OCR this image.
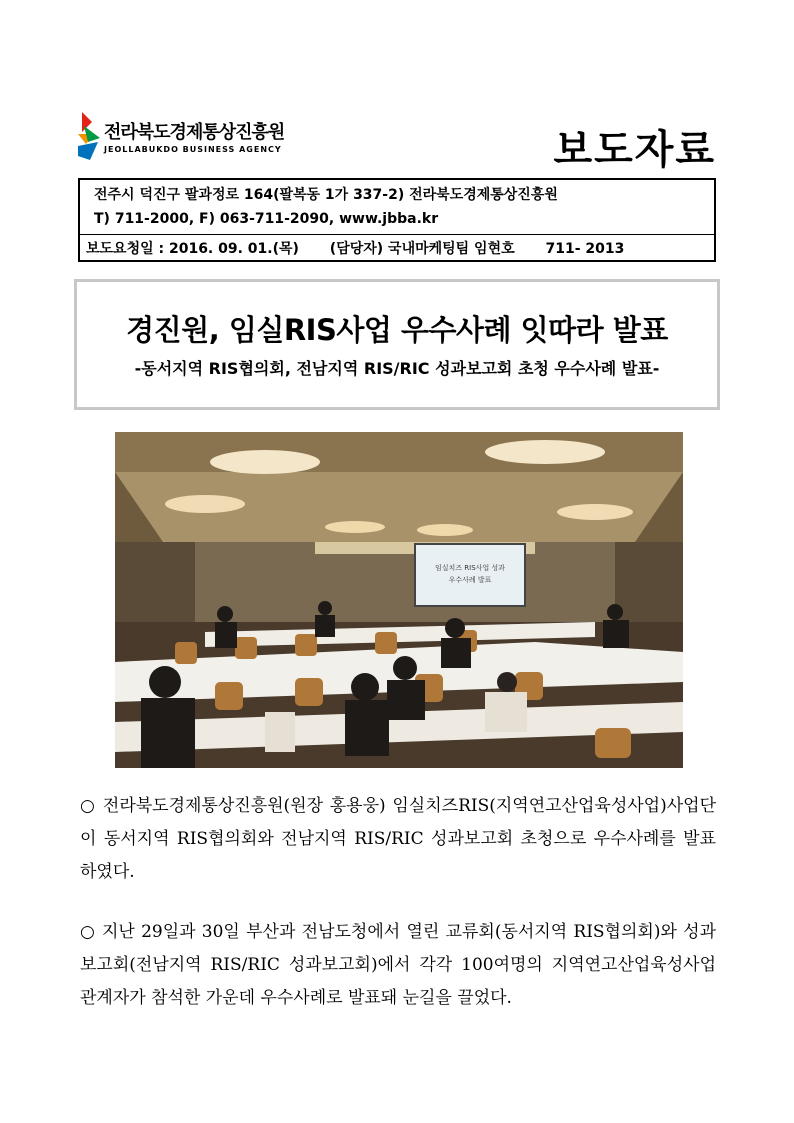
전라북도경제통상진흥원
JEOLLABUKDO BUSINESS AGENCY	보도자료
전주시 덕진구 팔과정로 164(팔복동 1가 337-2) 전라북도경제통상진흥원
T) 711-2000, F) 063-711-2090, www.jbba.kr
보도요청일 : 2016. 09. 01.(목) (담당자) 국내마케팅팀 임현호 711- 2013
경진원, 임실RIS사업 우수사례 잇따라 발표
-동서지역 RIS협의회, 전남지역 RIS/RIC 성과보고회 초청 우수사례 발표-
임실치즈 RIS사업 성과
우수사례 발표
○ 전라북도경제통상진흥원(원장 홍용웅) 임실치즈RIS(지역연고산업육성사업)사업단이 동서지역 RIS협의회와 전남지역 RIS/RIC 성과보고회 초청으로 우수사례를 발표하였다.
○ 지난 29일과 30일 부산과 전남도청에서 열린 교류회(동서지역 RIS협의회)와 성과보고회(전남지역 RIS/RIC 성과보고회)에서 각각 100여명의 지역연고산업육성사업 관계자가 참석한 가운데 우수사례로 발표돼 눈길을 끌었다.
